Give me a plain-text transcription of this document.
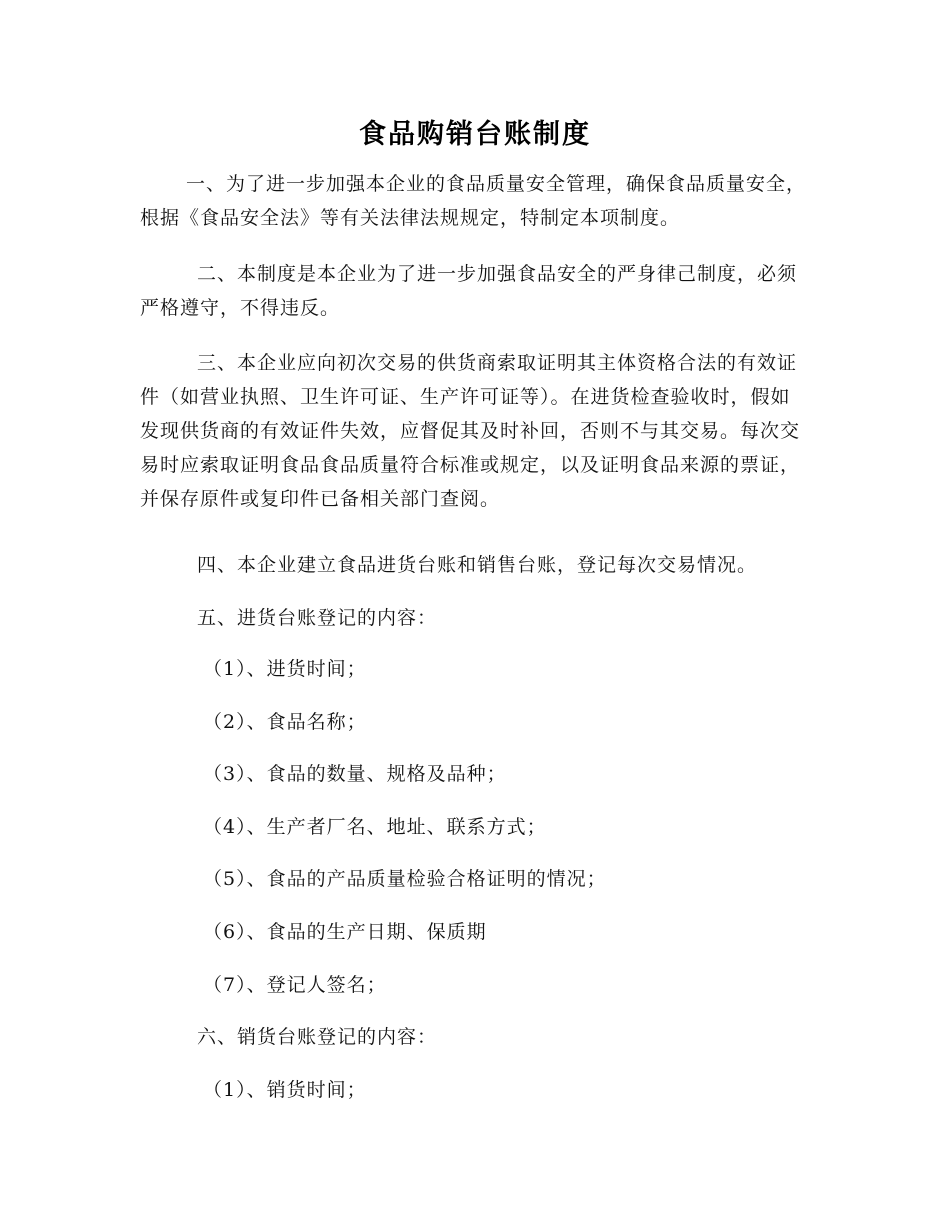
食品购销台账制度
一、为了进一步加强本企业的食品质量安全管理，确保食品质量安全，根据《食品安全法》等有关法律法规规定，特制定本项制度。
二、本制度是本企业为了进一步加强食品安全的严身律己制度，必须严格遵守，不得违反。
三、本企业应向初次交易的供货商索取证明其主体资格合法的有效证件（如营业执照、卫生许可证、生产许可证等）。在进货检查验收时，假如发现供货商的有效证件失效，应督促其及时补回，否则不与其交易。每次交易时应索取证明食品食品质量符合标准或规定，以及证明食品来源的票证，并保存原件或复印件已备相关部门查阅。
四、本企业建立食品进货台账和销售台账，登记每次交易情况。
五、进货台账登记的内容：
（1）、进货时间；
（2）、食品名称；
（3）、食品的数量、规格及品种；
（4）、生产者厂名、地址、联系方式；
（5）、食品的产品质量检验合格证明的情况；
（6）、食品的生产日期、保质期
（7）、登记人签名；
六、销货台账登记的内容：
（1）、销货时间；
